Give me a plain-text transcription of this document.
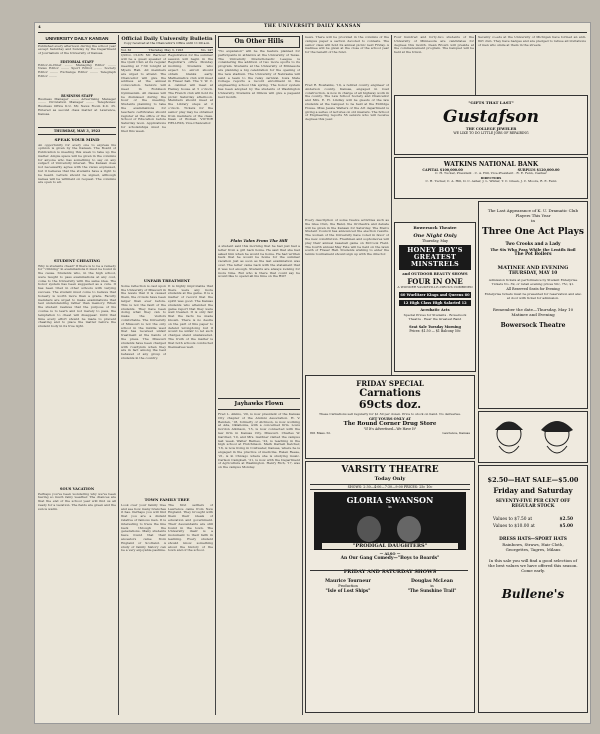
4	THE UNIVERSITY DAILY KANSAN
UNIVERSITY DAILY KANSAN
Published every afternoon during the school year except Saturday and Sunday by the Department of Journalism of the University of Kansas.
EDITORIAL STAFF
Editor-in-Chief ........ Managing Editor ........ News Editor ........ Sport Editor ........ Society Editor ........ Exchange Editor ........ Telegraph Editor ........
BUSINESS STAFF
Business Manager ........ Advertising Manager ........ Circulation Manager ........ Telephones: Business Office K.U. 66; News Room K.U. 25. Entered as second class matter at Lawrence, Kansas.
THURSDAY, MAY 3, 1923
SPEAK YOUR MIND
An opportunity for every one to express his opinion is given by the Kansan. The Board of Publication is meeting this week to take up the matter. Ample space will be given in the columns for anyone who has something to say on any subject of University interest. The Kansan does not necessarily agree with the views expressed, but it believes that the students have a right to be heard. Letters should be signed, although names will be withheld on request. The columns are open to all.
STUDENT CHEATING
Why is students cheat? If there is to be a remedy for "cribbing" in examinations it must be found in the cause. Students who, in the high school, were taught to pass examinations at any cost, come to the University with the same idea. The honor system has been suggested as a cure. It has been tried in other schools with varying success. The student must come to believe that honesty is worth more than a grade. Faculty members are urged to make examinations that test understanding rather than memory. When the student realizes that the purpose of his course is to learn and not merely to pass, the temptation to cheat will disappear. Until that time every effort should be made to prevent cheating and to place the matter before the student body in its true light.
SOUS VACATION
Perhaps you've been wondering why we've been having so much rainy weather. The chances are that the end of the school year will find us all ready for a vacation. The fields are green and the sun is warm.
Official Daily University Bulletin
Copy received at the Chancellor's Office until 11:00 a.m.
Vol. XI	Thursday, May 3, 1923	No. 147
QUILL CLUB: Mr. Barbour will be a guest speaker of the Quill Club at its regular meeting at 7:30 tonight at Myers Hall. All members are urged to attend. The Chancellor will give the address at the annual convocation. Seniors will meet in Robinson Gymnasium. All classes will be dismissed during the hour of the meeting. Students planning to take the examinations for teachers certificates should register at the office of the School of Education before Saturday noon. Applications for scholarships must be filed this week.
Registration for the summer session will begin in the Registrar's office Monday morning. Students who expect to enroll should obtain blanks early. Mathematics club will meet in Fraser hall. The Y. W. C. A. cabinet will meet at Henley house at 5 o'clock. The French club will hold its picnic Saturday afternoon. Members should meet at the Library steps at 2 o'clock. Tickets for the senior play may be obtained from members of the class. Dean of Women. VICTOR HELLEKS, Vice-Chancellor.
UNFAIR TREATMENT
Some reflection is cast upon the University of Missouri in the levels that it is caused them, the crowds have been larger than ever before. This is not the fault of the students. They have been doing what they can to make the visitors comfortable. The University of Missouri is not the only school in the middle west that has received unfair treatment at the hands of the press. The Missouri students have been charged with rowdyism when they are in fact among the best behaved of any group of students in the country.
It is highly improbable that there were any more students at the game. It is a matter of record that the spirit was good. The Kansas students who attended the game report that they were well treated. It is only fair that the facts be made known. There is no desire on the part of this paper to defend wrongdoing but it would be unfair to let such charges stand unanswered. The truth of the matter is that both schools conducted themselves well.
TOWN FAMILY TREE
Look over your family tree and see how many branches it has. Perhaps you will find that you are a distant relative of famous men. It is interesting to trace the line back through the generations. Many students have found that their ancestors came from England or Scotland. A study of family history can be a very enjoyable pastime.
The first settlers of Lawrence came from New England. They brought with them their ideals of education and government. Their descendants are still found in the town. The University itself is a monument to their faith in learning. Every student should know something about the history of the town and of the school.
On Other Hills
"No expansion" will be the feature planned for participants in athletics at the University of Texas. The University Interscholastic League is considering the addition of two more sports to its program. Students at the University of Minnesota are planning a big celebration for the opening of the new stadium. The University of Nebraska will send a team to the relay carnival. Iowa State College reports a record enrollment in the engineering school this spring. The honor system has been adopted by the students of Washington University. Students at Illinois will give a pageant next month.
Plain Tales From The Hill
A student said this morning that he had just had a letter from a girl back home. He said that she had asked him when he would be home. He had written back that he would be home for the summer vacation just as soon as the last examination was over. The letter came back with the statement that it was not enough. Students are always looking for more time. But who is there that could say he would like to spend all his time on the Hill?
Jayhawks Flown
Fred L. Aikins, '20, is now president of the Kansas City chapter of the Alumni Association. H. V. Benden, '18, formerly of Atchison, is now working at Ada, Oklahoma, with a concerned firm. Louis Gordon Atkinson, '15, is now connected with the law firm in Kansas City, Missouri. Charles W. Gardner, '10, and Mrs. Gardner visited the campus last week. Walter Barnes, '22, is teaching in the high school at Hutchinson. Mark Darnell Ketcher, '16, is now living in Coldwater, Kansas, where he is engaged in the practice of medicine. Helen Reese, '21, is in Chicago where she is studying music. Carlson Campbell, '21, is now with the Department of Agriculture at Washington. Henry Rich, '17, was on the campus Monday.
news. There will be provided in the columns of the campus paper a section devoted to contests. The senior class will hold its annual picnic next Friday. A matinee will be given at the close of the school year for the benefit of the fund.
Fred R. Bowlanks, '19, a retired county engineer of Anderson county, Kansas, engaged in road construction, is now in charge of all highway work in the county. The Law School Society and Chancellor and Mrs. E. H. Lindley will be guests of the law students at the banquet to be held at the Eldridge House. Miss Jessie Walters of the Art department is giving a series of lectures on old masters. The School of Engineering reports 56 seniors who will receive degrees this year.
Every description of some twelve activities such as the Glee Club, the Band, the Orchestra and debate will be given in the Kansan for Saturday. The Men's Student Council has announced the election results. The women of the University have voted in favor of the new constitution. Freshmen and sophomores will play their annual baseball game on McCook Field. The fourth annual May Fete will be held on the lawn south of Fraser Hall. Students wishing to enter the tennis tournament should sign up with the director.
Bowersock Theatre
One Night Only
Thursday, May
HONEY BOY'S GREATEST MINSTRELS
and OUTDOOR BEAUTY SHOWS
FOUR IN ONE
A WONDER VAUDEVILLE-CIRCUS COMBINED
60 Wurlitzer Kings and Queens 60
12 High Class High Salaried 12
Acrobatic Acts
Special Prices for Students · Bowersock Theatre · Hear the Greatest Band
Seat Sale Tuesday Morning
Prices: $1.50 — $1 Balcony 50c
Four hundred and forty-two students of the University of Minnesota are candidates for degrees this month. Dean Brown will preside at the commencement program. The banquet will be held at the Union.
Seventy co-eds at the University of Michigan have formed an anti-flirt club. They have badges and are pledged to refuse all invitations of men who smile at them in the streets.
"GIFTS THAT LAST"
Gustafson
THE COLLEGE JEWELER
WE LIKE TO DO LITTLE JOBS OF REPAIRING
WATKINS NATIONAL BANK
CAPITAL $100,000.00	SURPLUS $120,000.00
C. H. Tucker, President · C. A. Hill, Vice-President · R. E. Fenn, Cashier
DIRECTORS
C. H. Tucker, C. A. Hill, D. C. Asher, J. L. Wilder, T. C. Green, J. C. Moore, R. E. Fenn
The Last Appearance of K. U. Dramatic Club
Players This Year
in
Three One Act Plays
Two Crooks and a Lady
The Six Who Pass While the Lentils Boil
The Pot Boilers
MATINEE AND EVENING
THURSDAY, MAY 10
Admission tickets at performance by Student Enterprise Tickets No. 39, or retail evening prices 50c, 75c, $1.
All Reserved Seats for Evening
Enterprise tickets must be presented for reservation and also at door with ticket for admission.
Remember the date—Thursday, May 10
Matinee and Evening
Bowersock Theatre
FRIDAY SPECIAL
Carnations
69cts doz.
These Carnations sell regularly for $1.50 per dozen. Price to stock on hand. No deliveries.
GET YOURS ONLY AT
The Round Corner Drug Store
"If It's Advertised—We Have It"
801 Mass. St.	Lawrence, Kansas
VARSITY THEATRE
Today Only
SHOWS: 2:30—4:00—7:30—9:00 PRICES: 25c 10c
GLORIA SWANSON
in
"PRODIGAL DAUGHTERS"
— ALSO —
An Our Gang Comedy—"Boys to Boards"
FRIDAY AND SATURDAY SHOWS
Maurice Tourneur
Production
"Isle of Lost Ships"
Douglas McLean
in
"The Sunshine Trail"
$2.50—HAT SALE—$5.00
Friday and Saturday
SEVENTY-FIVE PER CENT OFF
REGULAR STOCK
Values to $7.50 at	$2.50
Values to $10.00 at	$5.00
DRESS HATS—SPORT HATS
Rainbows, Straws, Hair Cloth,
Georgettes, Tagres, Milans
In this sale you will find a good selection of the best values we have offered this season. Come early.
Bullene's
